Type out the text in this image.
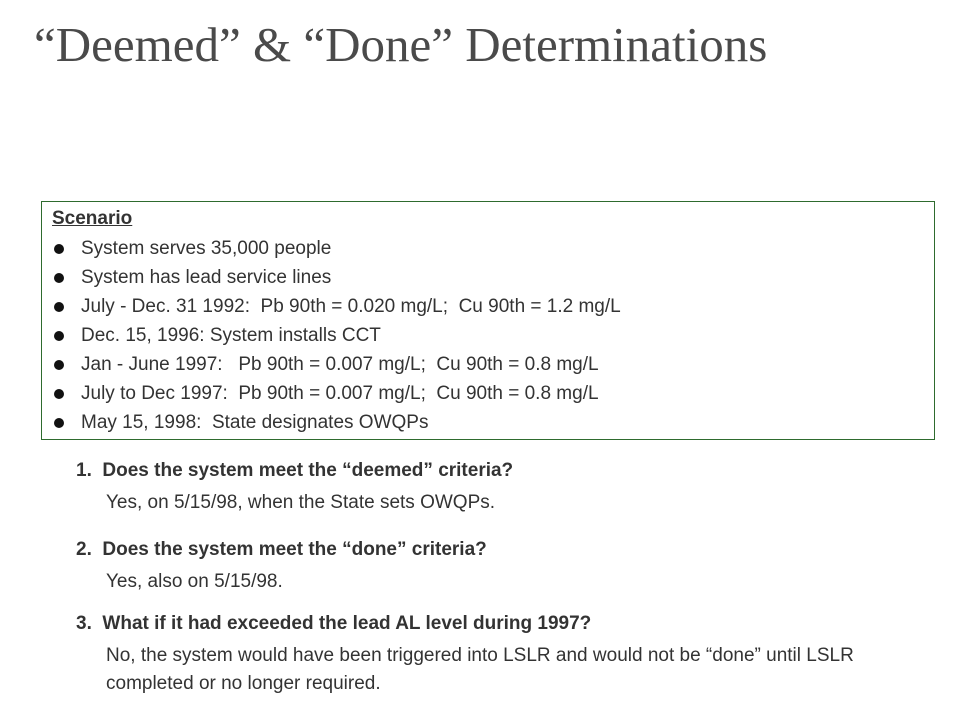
“Deemed” & “Done” Determinations
Scenario
System serves 35,000 people
System has lead service lines
July - Dec. 31 1992:  Pb 90th = 0.020 mg/L;  Cu 90th = 1.2 mg/L
Dec. 15, 1996: System installs CCT
Jan - June 1997:   Pb 90th = 0.007 mg/L;  Cu 90th = 0.8 mg/L
July to Dec 1997:  Pb 90th = 0.007 mg/L;  Cu 90th = 0.8 mg/L
May 15, 1998:  State designates OWQPs
1.  Does the system meet the “deemed” criteria?
Yes, on 5/15/98, when the State sets OWQPs.
2.  Does the system meet the “done” criteria?
Yes, also on 5/15/98.
3.  What if it had exceeded the lead AL level during 1997?
No, the system would have been triggered into LSLR and would not be “done” until LSLR completed or no longer required.
